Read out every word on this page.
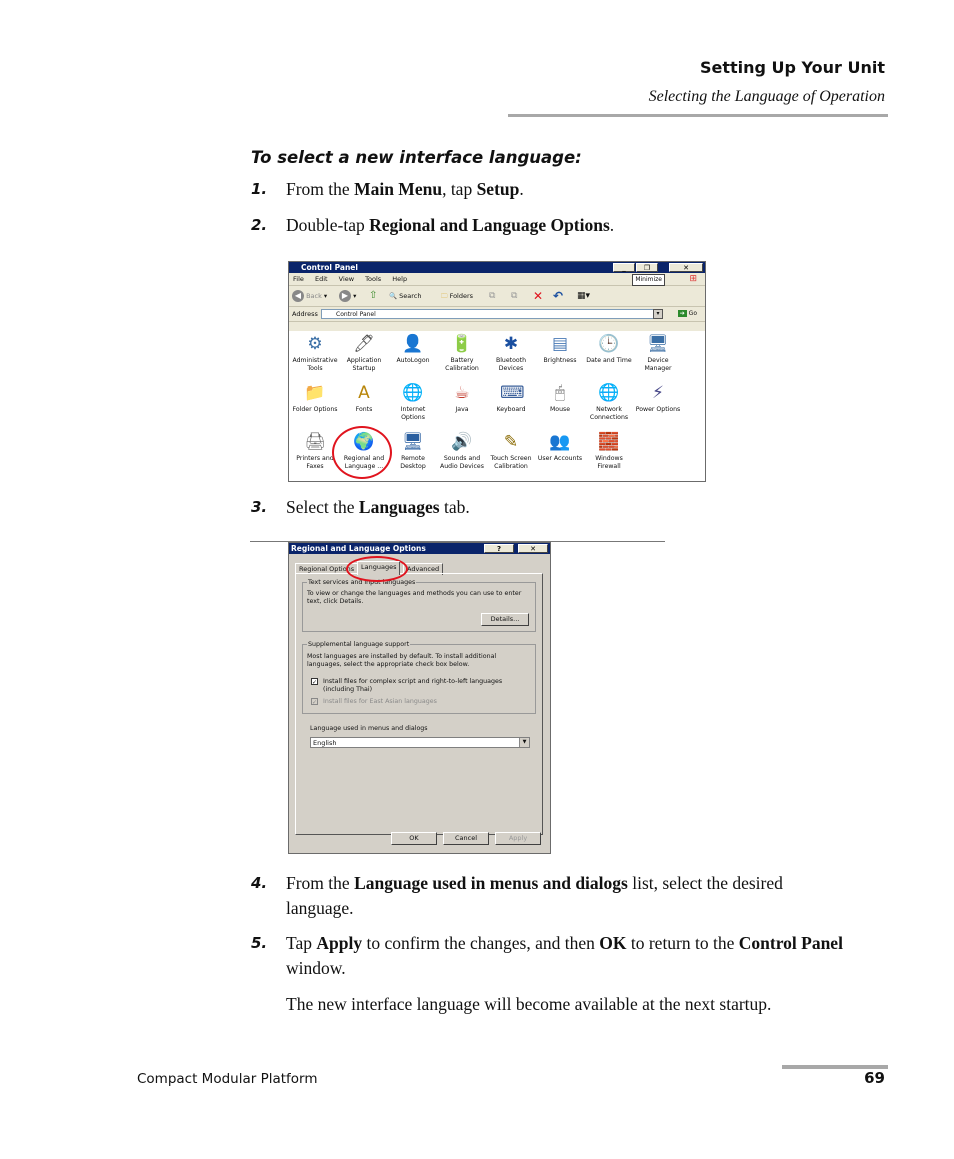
Setting Up Your Unit
Selecting the Language of Operation
To select a new interface language:
1. From the Main Menu, tap Setup.
2. Double-tap Regional and Language Options.
Control Panel	_	❐	✕
File Edit View Tools Help	Minimize	⊞
◀ Back ▾	▶ ▾ ⇧ 🔍 Search	🗀 Folders ⧉ ⧉ ✕ ↶ ▦▾
Address	Control Panel	▾	➔ Go
⚙
Administrative Tools
🖊
Application Startup
👤
AutoLogon
🔋
Battery Calibration
✱
Bluetooth Devices
▤
Brightness
🕒
Date and Time
🖥
Device Manager
📁
Folder Options
A
Fonts
🌐
Internet Options
☕
Java
⌨
Keyboard
🖱
Mouse
🌐
Network Connections
⚡
Power Options
🖨
Printers and Faxes
🌍
Regional and Language ...
🖥
Remote Desktop
🔊
Sounds and Audio Devices
✎
Touch Screen Calibration
👥
User Accounts
🧱
Windows Firewall
3. Select the Languages tab.
Regional and Language Options	?	✕
Regional Options	Languages	Advanced
Text services and input languages
To view or change the languages and methods you can use to enter text, click Details.
Details...
Supplemental language support
Most languages are installed by default. To install additional languages, select the appropriate check box below.
✓ Install files for complex script and right-to-left languages (including Thai)
✓ Install files for East Asian languages
Language used in menus and dialogs
English	▼
OK	Cancel	Apply
4. From the Language used in menus and dialogs list, select the desired language.
5. Tap Apply to confirm the changes, and then OK to return to the Control Panel window.
The new interface language will become available at the next startup.
Compact Modular Platform	69
